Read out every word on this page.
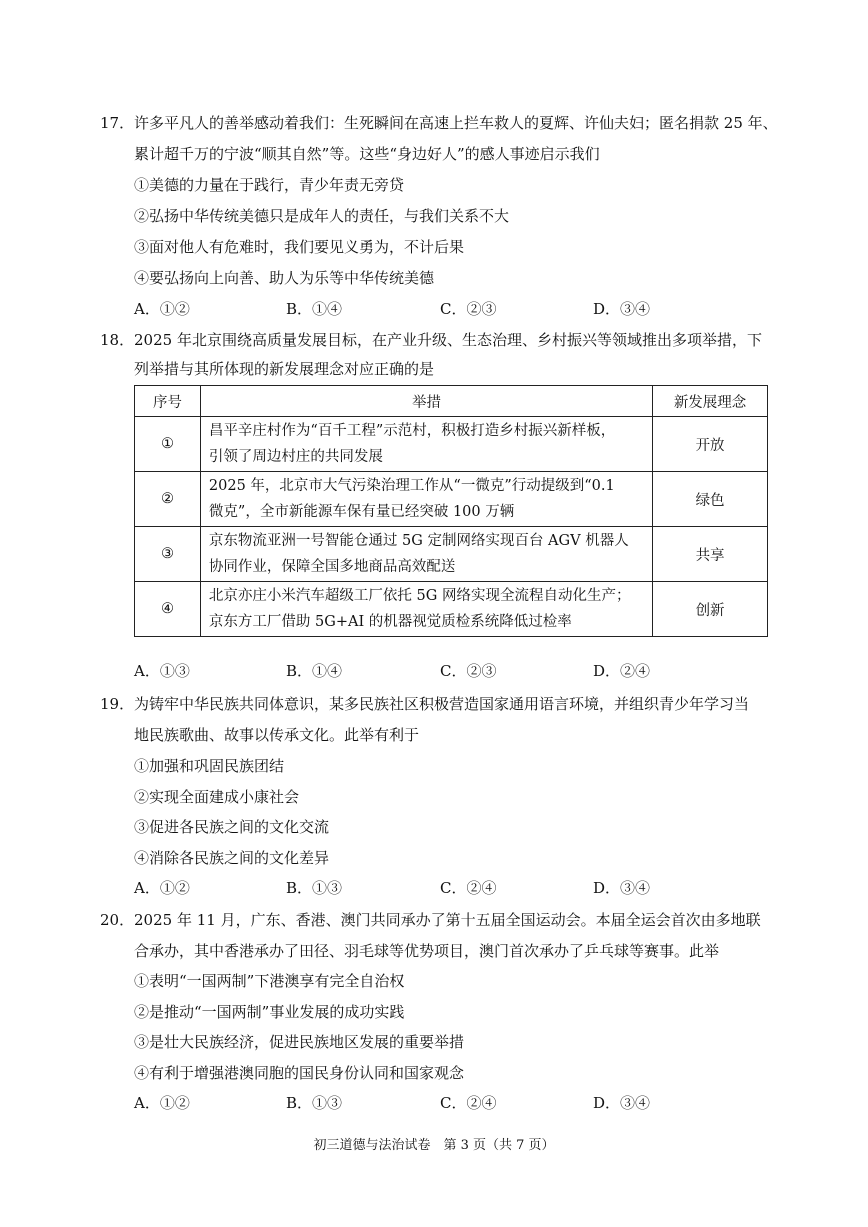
17．许多平凡人的善举感动着我们：生死瞬间在高速上拦车救人的夏辉、许仙夫妇；匿名捐款 25 年、
累计超千万的宁波“顺其自然”等。这些“身边好人”的感人事迹启示我们
①美德的力量在于践行，青少年责无旁贷
②弘扬中华传统美德只是成年人的责任，与我们关系不大
③面对他人有危难时，我们要见义勇为，不计后果
④要弘扬向上向善、助人为乐等中华传统美德
A．①②	B．①④	C．②③	D．③④
18．2025 年北京围绕高质量发展目标，在产业升级、生态治理、乡村振兴等领域推出多项举措，下
列举措与其所体现的新发展理念对应正确的是
序号	举措	新发展理念
①	昌平辛庄村作为“百千工程”示范村，积极打造乡村振兴新样板，
引领了周边村庄的共同发展	开放
②	2025 年，北京市大气污染治理工作从“一微克”行动提级到“0.1
微克”，全市新能源车保有量已经突破 100 万辆	绿色
③	京东物流亚洲一号智能仓通过 5G 定制网络实现百台 AGV 机器人
协同作业，保障全国多地商品高效配送	共享
④	北京亦庄小米汽车超级工厂依托 5G 网络实现全流程自动化生产；
京东方工厂借助 5G+AI 的机器视觉质检系统降低过检率	创新
A．①③	B．①④	C．②③	D．②④
19．为铸牢中华民族共同体意识，某多民族社区积极营造国家通用语言环境，并组织青少年学习当
地民族歌曲、故事以传承文化。此举有利于
①加强和巩固民族团结
②实现全面建成小康社会
③促进各民族之间的文化交流
④消除各民族之间的文化差异
A．①②	B．①③	C．②④	D．③④
20．2025 年 11 月，广东、香港、澳门共同承办了第十五届全国运动会。本届全运会首次由多地联
合承办，其中香港承办了田径、羽毛球等优势项目，澳门首次承办了乒乓球等赛事。此举
①表明“一国两制”下港澳享有完全自治权
②是推动“一国两制”事业发展的成功实践
③是壮大民族经济，促进民族地区发展的重要举措
④有利于增强港澳同胞的国民身份认同和国家观念
A．①②	B．①③	C．②④	D．③④
初三道德与法治试卷　第 3 页（共 7 页）
